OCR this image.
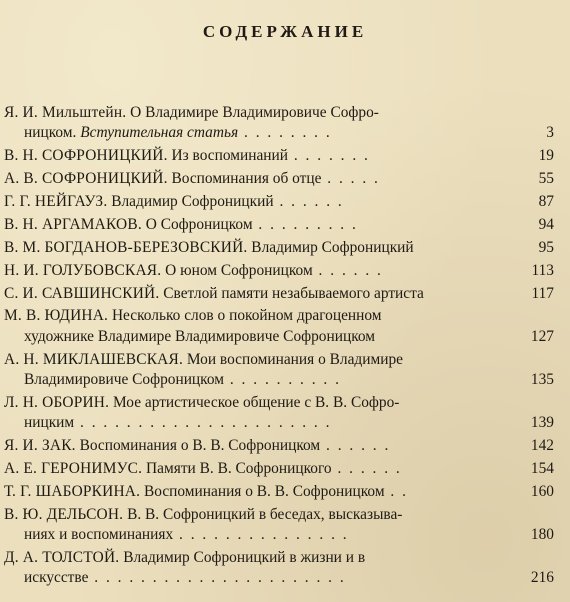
СОДЕРЖАНИЕ
Я. И. Мильштейн. О Владимире Владимировиче Софро-
ницком. Вступительная статья . . . . . . . .	3
В. Н. СОФРОНИЦКИЙ. Из воспоминаний . . . . . . .	19
А. В. СОФРОНИЦКИЙ. Воспоминания об отце . . . . .	55
Г. Г. НЕЙГАУЗ. Владимир Софроницкий . . . . . .	87
В. Н. АРГАМАКОВ. О Софроницком . . . . . . . . .	94
В. М. БОГДАНОВ-БЕРЕЗОВСКИЙ. Владимир Софроницкий	95
Н. И. ГОЛУБОВСКАЯ. О юном Софроницком . . . . . .	113
С. И. САВШИНСКИЙ. Светлой памяти незабываемого артиста	117
М. В. ЮДИНА. Несколько слов о покойном драгоценном
художнике Владимире Владимировиче Софроницком	127
А. Н. МИКЛАШЕВСКАЯ. Мои воспоминания о Владимире
Владимировиче Софроницком . . . . . . . . . .	135
Л. Н. ОБОРИН. Мое артистическое общение с В. В. Софро-
ницким . . . . . . . . . . . . . . . . . . . . . .	139
Я. И. ЗАК. Воспоминания о В. В. Софроницком . . . . . .	142
А. Е. ГЕРОНИМУС. Памяти В. В. Софроницкого . . . . . .	154
Т. Г. ШАБОРКИНА. Воспоминания о В. В. Софроницком . .	160
В. Ю. ДЕЛЬСОН. В. В. Софроницкий в беседах, высказыва-
ниях и воспоминаниях . . . . . . . . . . . . . . .	180
Д. А. ТОЛСТОЙ. Владимир Софроницкий в жизни и в
искусстве . . . . . . . . . . . . . . . . . . . . . .	216
